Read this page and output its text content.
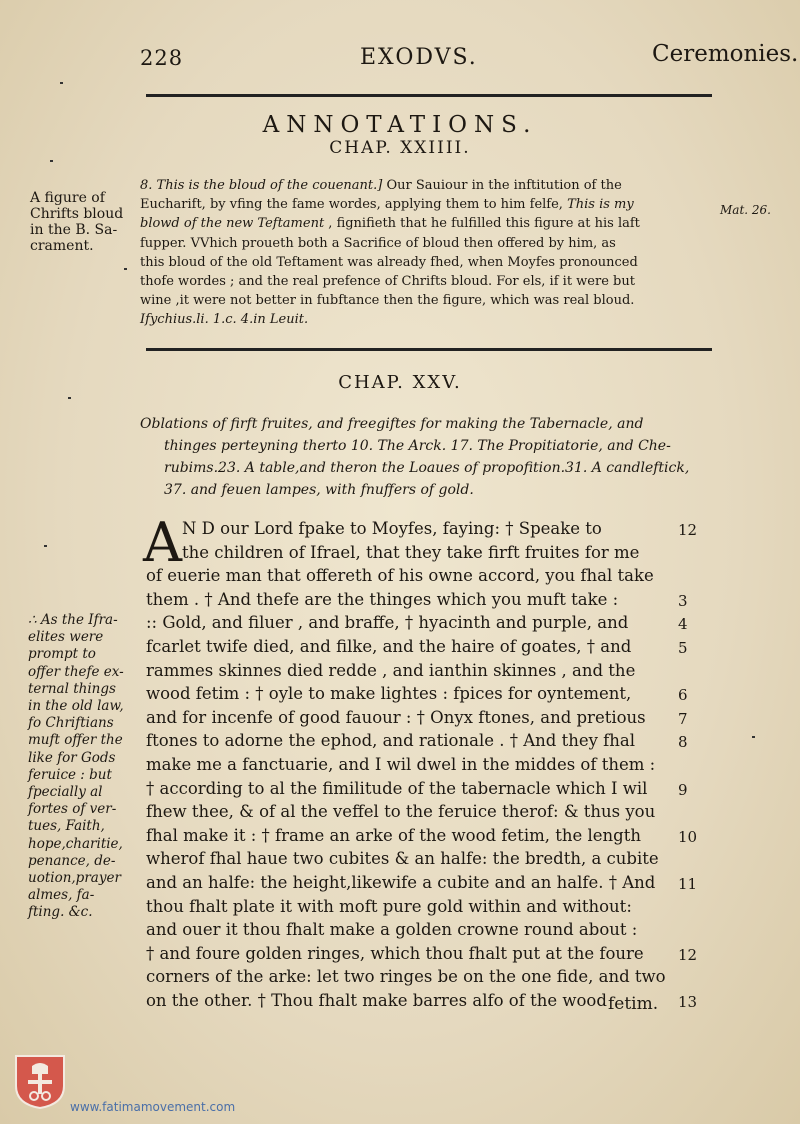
228	EXODVS.	Ceremonies.
ANNOTATIONS.
CHAP. XXIIII.
A figure of
Chrifts bloud
in the B. Sa-
crament.
Mat. 26.
8. This is the bloud of the couenant.] Our Sauiour in the inftitution of the
Eucharift, by vfing the fame wordes, applying them to him felfe, This is my
blowd of the new Teftament , fignifieth that he fulfilled this figure at his laft
fupper. VVhich proueth both a Sacrifice of bloud then offered by him, as
this bloud of the old Teftament was already fhed, when Moyfes pronounced
thofe wordes ; and the real prefence of Chrifts bloud. For els, if it were but
wine ,it were not better in fubftance then the figure, which was real bloud.
Ifychius.li. 1.c. 4.in Leuit.
CHAP. XXV.
Oblations of firft fruites, and freegiftes for making the Tabernacle, and
thinges perteyning therto 10. The Arck. 17. The Propitiatorie, and Che-
rubims.23. A table,and theron the Loaues of propofition.31. A candleftick,
37. and feuen lampes, with fnuffers of gold.
A N D our Lord fpake to Moyfes, faying: † Speake to
the children of Ifrael, that they take firft fruites for me
of euerie man that offereth of his owne accord, you fhal take
them . † And thefe are the thinges which you muft take :
:: Gold, and filuer , and braffe, † hyacinth and purple, and
fcarlet twife died, and filke, and the haire of goates, † and
rammes skinnes died redde , and ianthin skinnes , and the
wood fetim : † oyle to make lightes : fpices for oyntement,
and for incenfe of good fauour : † Onyx ftones, and pretious
ftones to adorne the ephod, and rationale . † And they fhal
make me a fanctuarie, and I wil dwel in the middes of them :
† according to al the fimilitude of the tabernacle which I wil
fhew thee, & of al the veffel to the feruice therof: & thus you
fhal make it : † frame an arke of the wood fetim, the length
wherof fhal haue two cubites & an halfe: the bredth, a cubite
and an halfe: the height,likewife a cubite and an halfe. † And
thou fhalt plate it with moft pure gold within and without:
and ouer it thou fhalt make a golden crowne round about :
† and foure golden ringes, which thou fhalt put at the foure
corners of the arke: let two ringes be on the one fide, and two
on the other. † Thou fhalt make barres alfo of the wood
12
3
4
5
6
7
8
9
10
11
12
13
∴ As the Ifra-
elites were
prompt to
offer thefe ex-
ternal things
in the old law,
fo Chriftians
muft offer the
like for Gods
feruice : but
fpecially al
fortes of ver-
tues, Faith,
hope,charitie,
penance, de-
uotion,prayer
almes, fa-
fting. &c.
fetim.
www.fatimamovement.com
